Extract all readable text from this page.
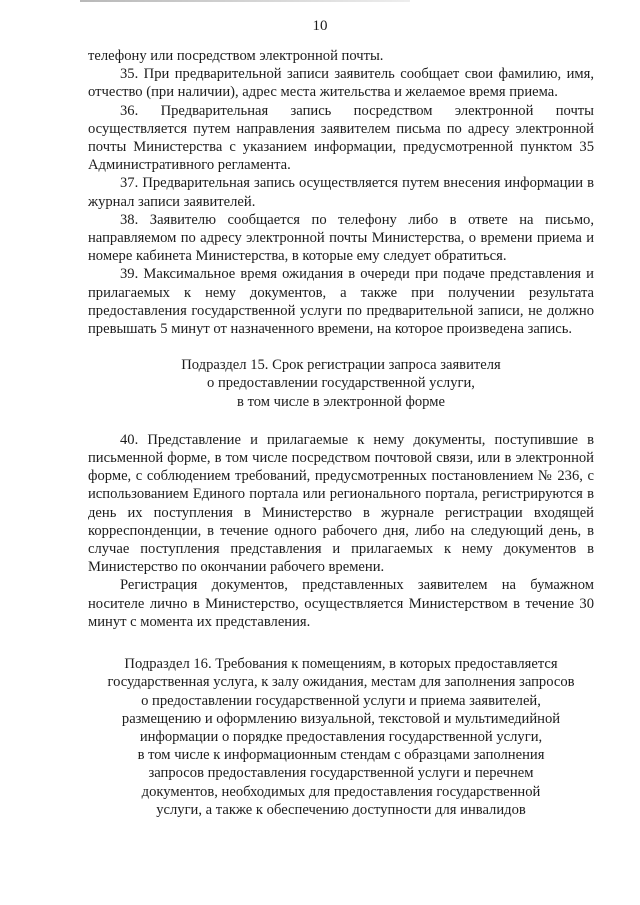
10

телефону или посредством электронной почты.

35. При предварительной записи заявитель сообщает свои фамилию, имя, отчество (при наличии), адрес места жительства и желаемое время приема.

36. Предварительная запись посредством электронной почты осуществляется путем направления заявителем письма по адресу электронной почты Министерства с указанием информации, предусмотренной пунктом 35 Административного регламента.

37. Предварительная запись осуществляется путем внесения информации в журнал записи заявителей.

38. Заявителю сообщается по телефону либо в ответе на письмо, направляемом по адресу электронной почты Министерства, о времени приема и номере кабинета Министерства, в которые ему следует обратиться.

39. Максимальное время ожидания в очереди при подаче представления и прилагаемых к нему документов, а также при получении результата предоставления государственной услуги по предварительной записи, не должно превышать 5 минут от назначенного времени, на которое произведена запись.

Подраздел 15. Срок регистрации запроса заявителя
о предоставлении государственной услуги,
в том числе в электронной форме

40. Представление и прилагаемые к нему документы, поступившие в письменной форме, в том числе посредством почтовой связи, или в электронной форме, с соблюдением требований, предусмотренных постановлением № 236, с использованием Единого портала или регионального портала, регистрируются в день их поступления в Министерство в журнале регистрации входящей корреспонденции, в течение одного рабочего дня, либо на следующий день, в случае поступления представления и прилагаемых к нему документов в Министерство по окончании рабочего времени.

Регистрация документов, представленных заявителем на бумажном носителе лично в Министерство, осуществляется Министерством в течение 30 минут с момента их представления.

Подраздел 16. Требования к помещениям, в которых предоставляется
государственная услуга, к залу ожидания, местам для заполнения запросов
о предоставлении государственной услуги и приема заявителей,
размещению и оформлению визуальной, текстовой и мультимедийной
информации о порядке предоставления государственной услуги,
в том числе к информационным стендам с образцами заполнения
запросов предоставления государственной услуги и перечнем
документов, необходимых для предоставления государственной
услуги, а также к обеспечению доступности для инвалидов
